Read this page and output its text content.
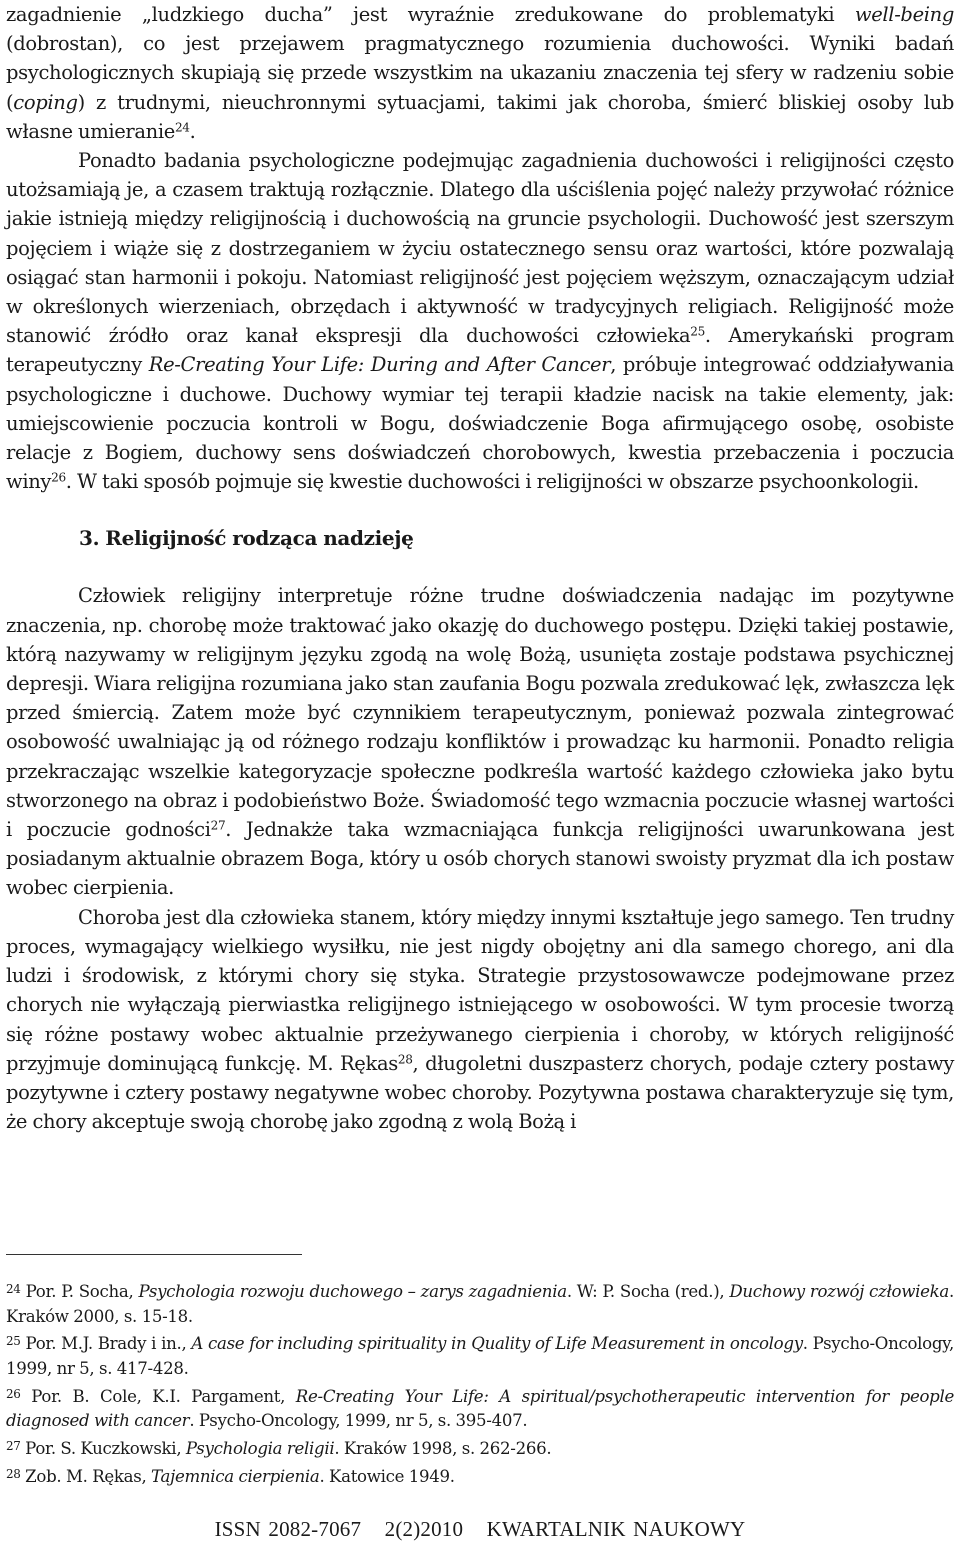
zagadnienie „ludzkiego ducha” jest wyraźnie zredukowane do problematyki well-being (dobrostan), co jest przejawem pragmatycznego rozumienia duchowości. Wyniki badań psychologicznych skupiają się przede wszystkim na ukazaniu znaczenia tej sfery w radzeniu sobie (coping) z trudnymi, nieuchronnymi sytuacjami, takimi jak choroba, śmierć bliskiej osoby lub własne umieranie$^{24}$.

Ponadto badania psychologiczne podejmując zagadnienia duchowości i religijności często utożsamiają je, a czasem traktują rozłącznie. Dlatego dla uściślenia pojęć należy przywołać różnice jakie istnieją między religijnością i duchowością na gruncie psychologii. Duchowość jest szerszym pojęciem i wiąże się z dostrzeganiem w życiu ostatecznego sensu oraz wartości, które pozwalają osiągać stan harmonii i pokoju. Natomiast religijność jest pojęciem węższym, oznaczającym udział w określonych wierzeniach, obrzędach i aktywność w tradycyjnych religiach. Religijność może stanowić źródło oraz kanał ekspresji dla duchowości człowieka$^{25}$. Amerykański program terapeutyczny Re-Creating Your Life: During and After Cancer, próbuje integrować oddziaływania psychologiczne i duchowe. Duchowy wymiar tej terapii kładzie nacisk na takie elementy, jak: umiejscowienie poczucia kontroli w Bogu, doświadczenie Boga afirmującego osobę, osobiste relacje z Bogiem, duchowy sens doświadczeń chorobowych, kwestia przebaczenia i poczucia winy$^{26}$. W taki sposób pojmuje się kwestie duchowości i religijności w obszarze psychoonkologii.

3. Religijność rodząca nadzieję

Człowiek religijny interpretuje różne trudne doświadczenia nadając im pozytywne znaczenia, np. chorobę może traktować jako okazję do duchowego postępu. Dzięki takiej postawie, którą nazywamy w religijnym języku zgodą na wolę Bożą, usunięta zostaje podstawa psychicznej depresji. Wiara religijna rozumiana jako stan zaufania Bogu pozwala zredukować lęk, zwłaszcza lęk przed śmiercią. Zatem może być czynnikiem terapeutycznym, ponieważ pozwala zintegrować osobowość uwalniając ją od różnego rodzaju konfliktów i prowadząc ku harmonii. Ponadto religia przekraczając wszelkie kategoryzacje społeczne podkreśla wartość każdego człowieka jako bytu stworzonego na obraz i podobieństwo Boże. Świadomość tego wzmacnia poczucie własnej wartości i poczucie godności$^{27}$. Jednakże taka wzmacniająca funkcja religijności uwarunkowana jest posiadanym aktualnie obrazem Boga, który u osób chorych stanowi swoisty pryzmat dla ich postaw wobec cierpienia.

Choroba jest dla człowieka stanem, który między innymi kształtuje jego samego. Ten trudny proces, wymagający wielkiego wysiłku, nie jest nigdy obojętny ani dla samego chorego, ani dla ludzi i środowisk, z którymi chory się styka. Strategie przystosowawcze podejmowane przez chorych nie wyłączają pierwiastka religijnego istniejącego w osobowości. W tym procesie tworzą się różne postawy wobec aktualnie przeżywanego cierpienia i choroby, w których religijność przyjmuje dominującą funkcję. M. Rękas$^{28}$, długoletni duszpasterz chorych, podaje cztery postawy pozytywne i cztery postawy negatywne wobec choroby. Pozytywna postawa charakteryzuje się tym, że chory akceptuje swoją chorobę jako zgodną z wolą Bożą i

$^{24}$ Por. P. Socha, Psychologia rozwoju duchowego – zarys zagadnienia. W: P. Socha (red.), Duchowy rozwój człowieka. Kraków 2000, s. 15-18.

$^{25}$ Por. M.J. Brady i in., A case for including spirituality in Quality of Life Measurement in oncology. Psycho-Oncology, 1999, nr 5, s. 417-428.

$^{26}$ Por. B. Cole, K.I. Pargament, Re-Creating Your Life: A spiritual/psychotherapeutic intervention for people diagnosed with cancer. Psycho-Oncology, 1999, nr 5, s. 395-407.

$^{27}$ Por. S. Kuczkowski, Psychologia religii. Kraków 1998, s. 262-266.

$^{28}$ Zob. M. Rękas, Tajemnica cierpienia. Katowice 1949.

ISSN 2082-7067 2(2)2010 KWARTALNIK NAUKOWY
